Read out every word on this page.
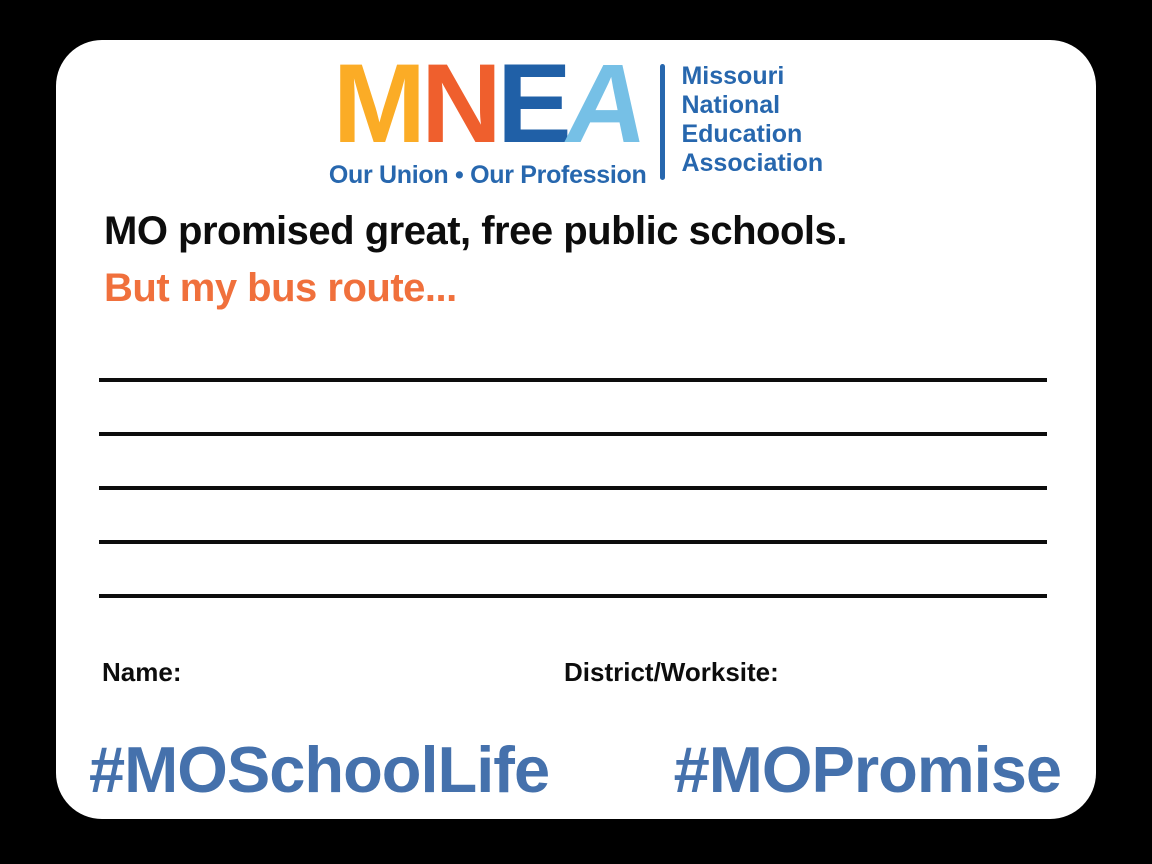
MNEA
Our Union • Our Profession
Missouri
National
Education
Association
MO promised great, free public schools.
But my bus route...
Name:	District/Worksite:
#MOSchoolLife #MOPromise
